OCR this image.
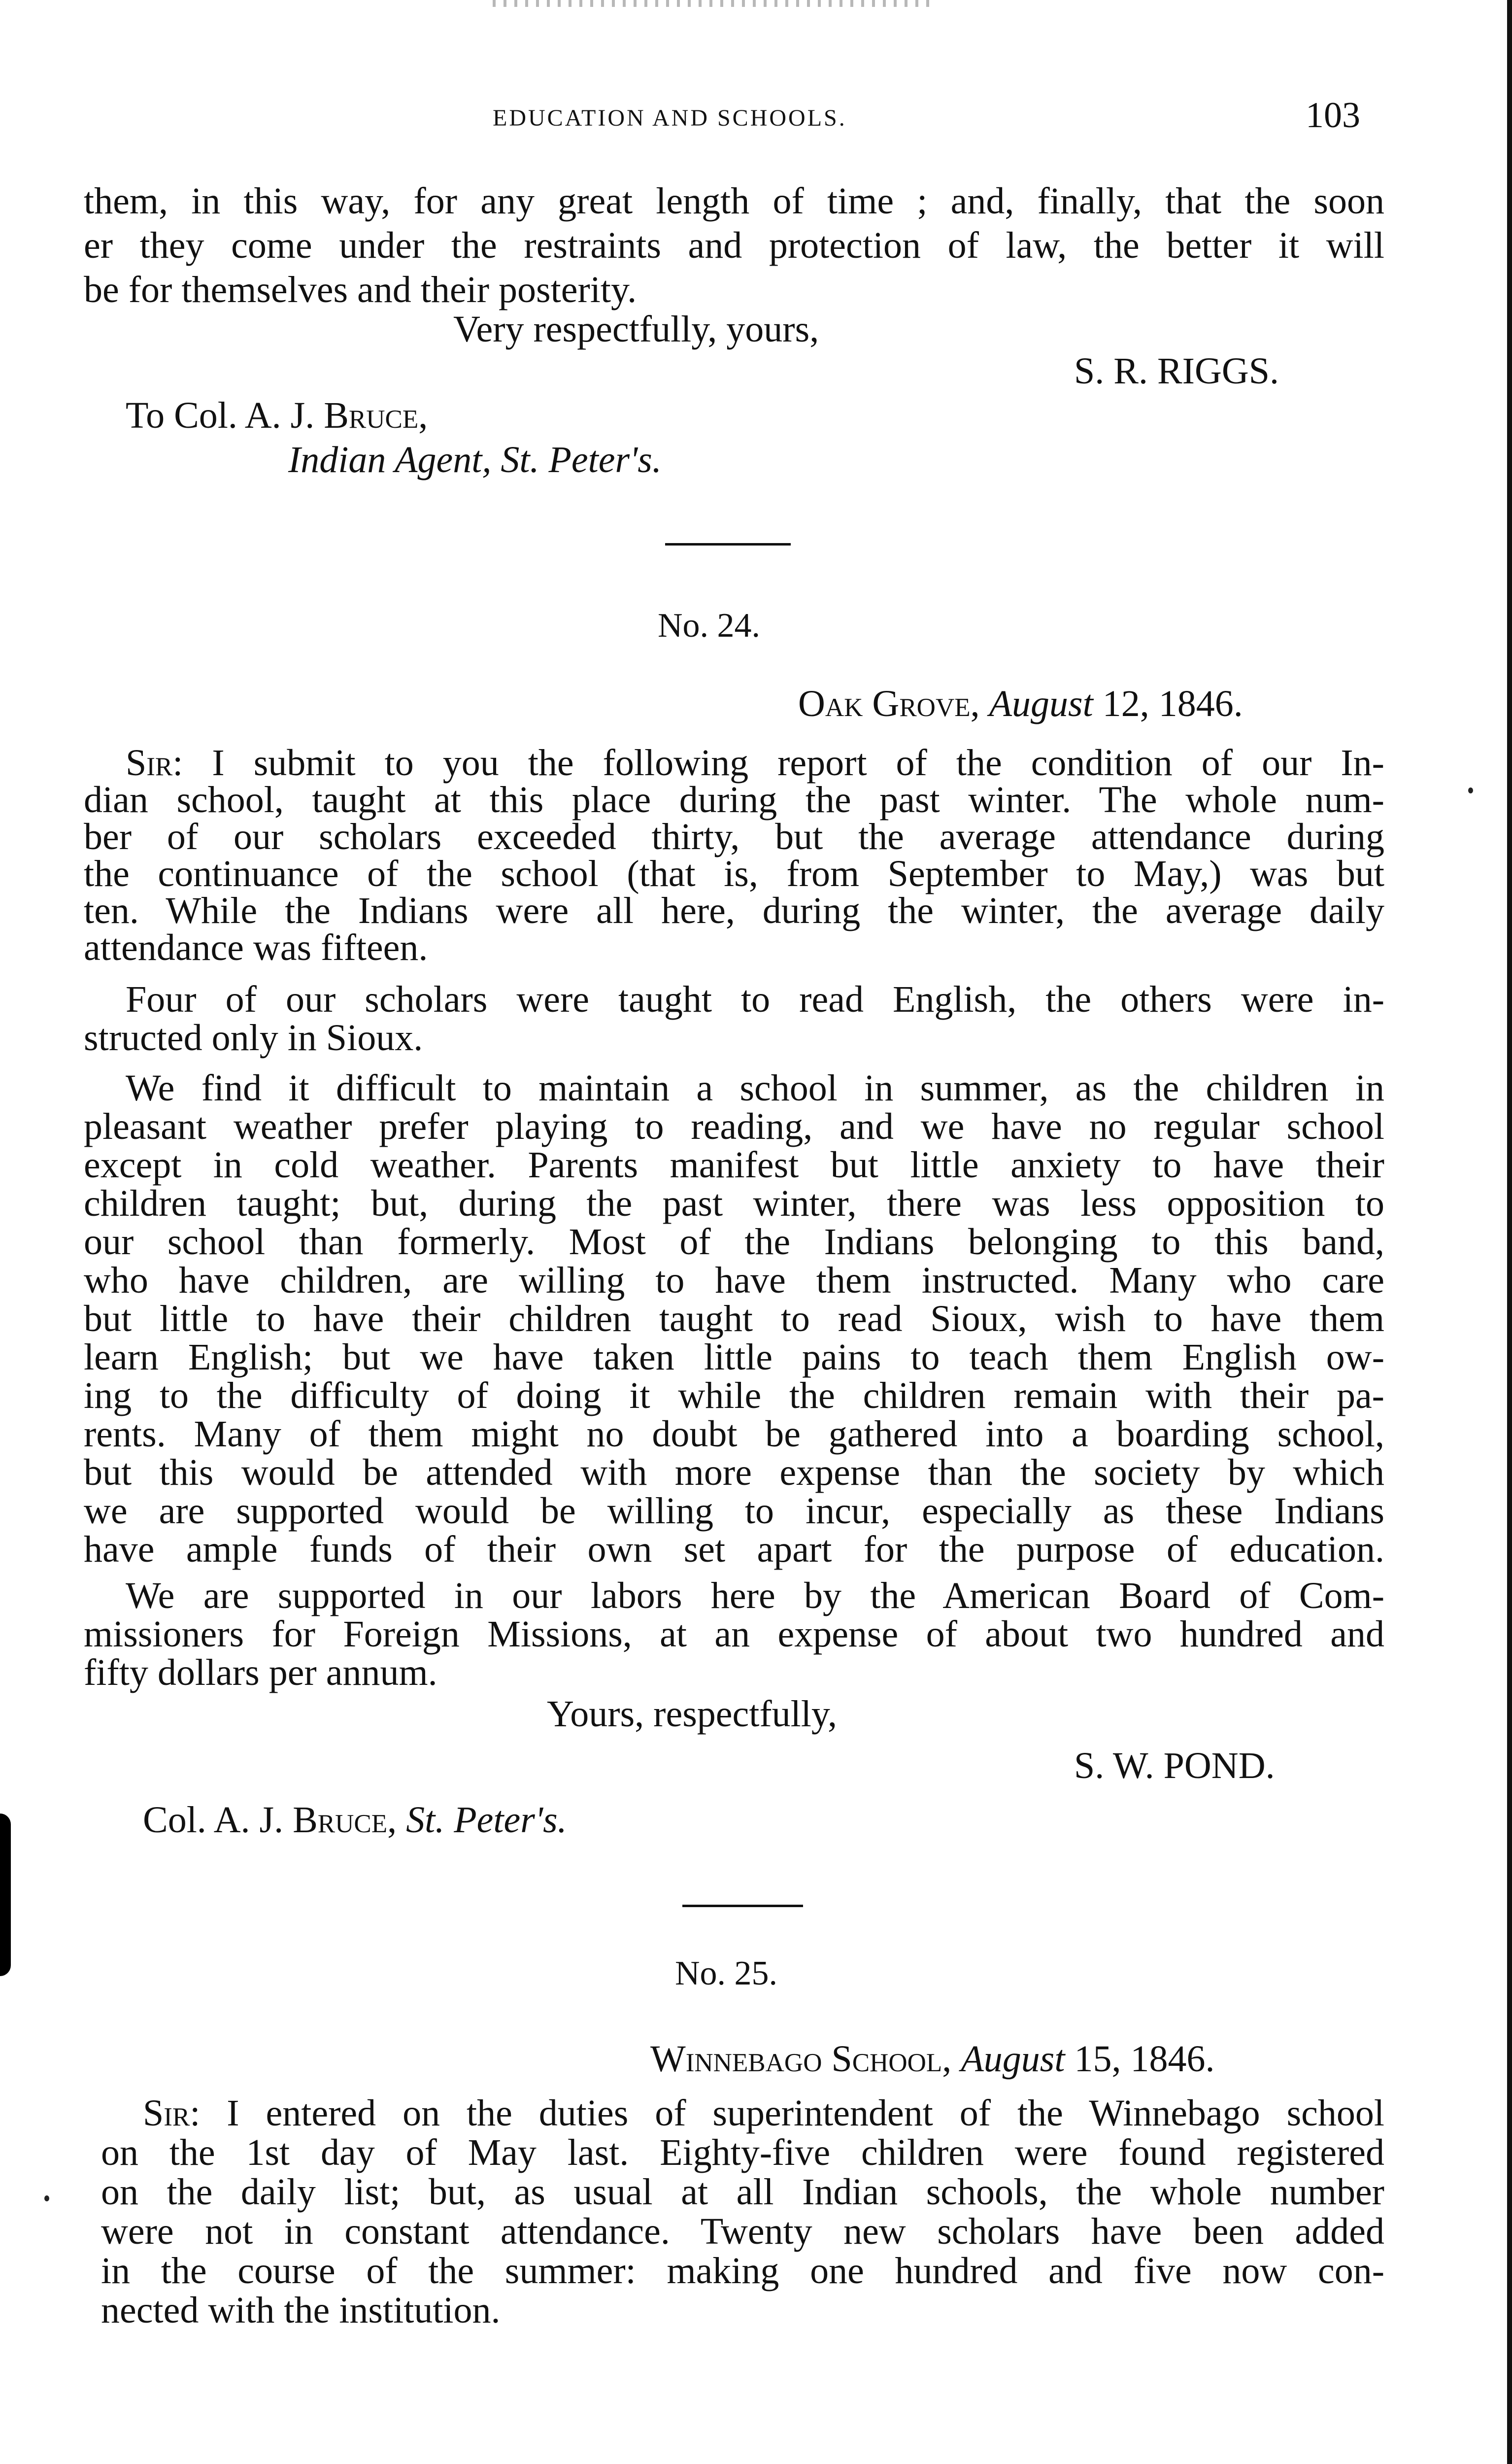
EDUCATION AND SCHOOLS.	103
them, in this way, for any great length of time ; and, finally, that the soon
er they come under the restraints and protection of law, the better it will
be for themselves and their posterity.
Very respectfully, yours,
S. R. RIGGS.
To Col. A. J. Bruce,
Indian Agent, St. Peter's.
No. 24.
Oak Grove, August 12, 1846.
Sir: I submit to you the following report of the condition of our In-
dian school, taught at this place during the past winter. The whole num-
ber of our scholars exceeded thirty, but the average attendance during
the continuance of the school (that is, from September to May,) was but
ten. While the Indians were all here, during the winter, the average daily
attendance was fifteen.
Four of our scholars were taught to read English, the others were in-
structed only in Sioux.
We find it difficult to maintain a school in summer, as the children in
pleasant weather prefer playing to reading, and we have no regular school
except in cold weather. Parents manifest but little anxiety to have their
children taught; but, during the past winter, there was less opposition to
our school than formerly. Most of the Indians belonging to this band,
who have children, are willing to have them instructed. Many who care
but little to have their children taught to read Sioux, wish to have them
learn English; but we have taken little pains to teach them English ow-
ing to the difficulty of doing it while the children remain with their pa-
rents. Many of them might no doubt be gathered into a boarding school,
but this would be attended with more expense than the society by which
we are supported would be willing to incur, especially as these Indians
have ample funds of their own set apart for the purpose of education.
We are supported in our labors here by the American Board of Com-
missioners for Foreign Missions, at an expense of about two hundred and
fifty dollars per annum.
Yours, respectfully,
S. W. POND.
Col. A. J. Bruce, St. Peter's.
No. 25.
Winnebago School, August 15, 1846.
Sir: I entered on the duties of superintendent of the Winnebago school
on the 1st day of May last. Eighty-five children were found registered
on the daily list; but, as usual at all Indian schools, the whole number
were not in constant attendance. Twenty new scholars have been added
in the course of the summer: making one hundred and five now con-
nected with the institution.
